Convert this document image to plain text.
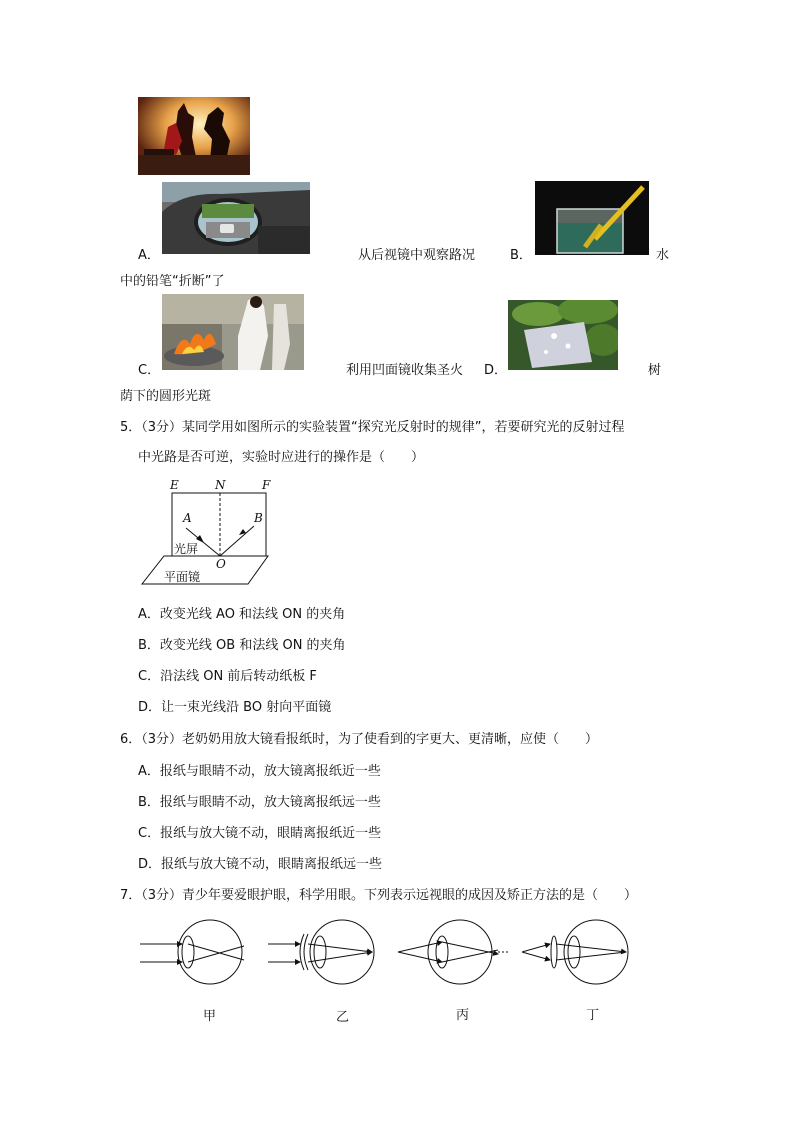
A．	从后视镜中观察路况	B．	水
中的铅笔“折断”了
C．	利用凹面镜收集圣火 D．	树
荫下的圆形光斑
5．（3分）某同学用如图所示的实验装置“探究光反射时的规律”，若要研究光的反射过程
中光路是否可逆，实验时应进行的操作是（　　）
E	N	F
A	B
光屏
O
平面镜
A．改变光线 AO 和法线 ON 的夹角
B．改变光线 OB 和法线 ON 的夹角
C．沿法线 ON 前后转动纸板 F
D．让一束光线沿 BO 射向平面镜
6．（3分）老奶奶用放大镜看报纸时，为了使看到的字更大、更清晰，应使（　　）
A．报纸与眼睛不动，放大镜离报纸近一些
B．报纸与眼睛不动，放大镜离报纸远一些
C．报纸与放大镜不动，眼睛离报纸近一些
D．报纸与放大镜不动，眼睛离报纸远一些
7．（3分）青少年要爱眼护眼，科学用眼。下列表示远视眼的成因及矫正方法的是（　　）
甲	乙	丙	丁
